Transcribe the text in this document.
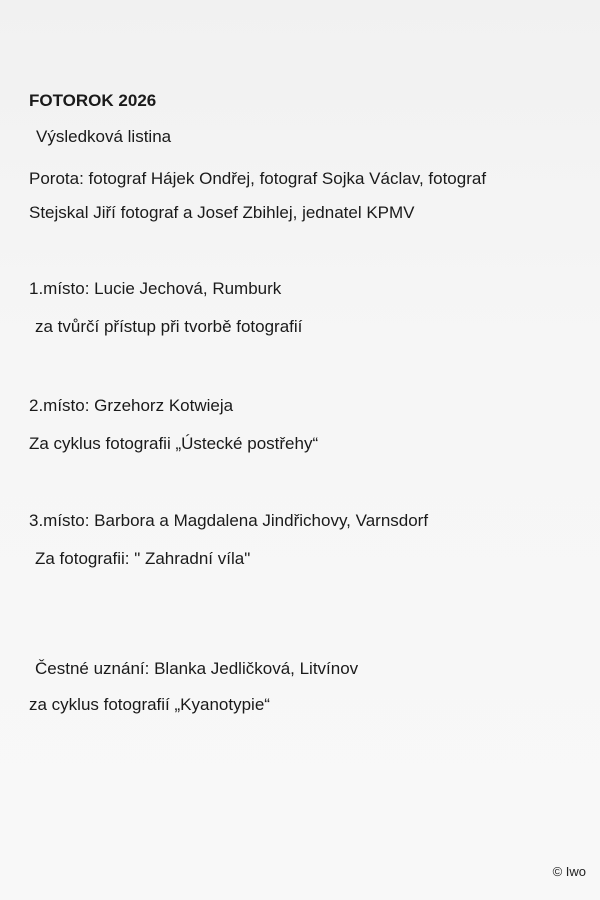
FOTOROK 2026
Výsledková listina
Porota: fotograf Hájek Ondřej, fotograf Sojka Václav, fotograf
Stejskal Jiří fotograf a Josef Zbihlej, jednatel KPMV
1.místo: Lucie Jechová, Rumburk
za tvůrčí přístup při tvorbě fotografií
2.místo: Grzehorz Kotwieja
Za cyklus fotografii „Ústecké postřehy“
3.místo: Barbora a Magdalena Jindřichovy, Varnsdorf
Za fotografii: " Zahradní víla"
Čestné uznání: Blanka Jedličková, Litvínov
za cyklus fotografií „Kyanotypie“
© Iwo
